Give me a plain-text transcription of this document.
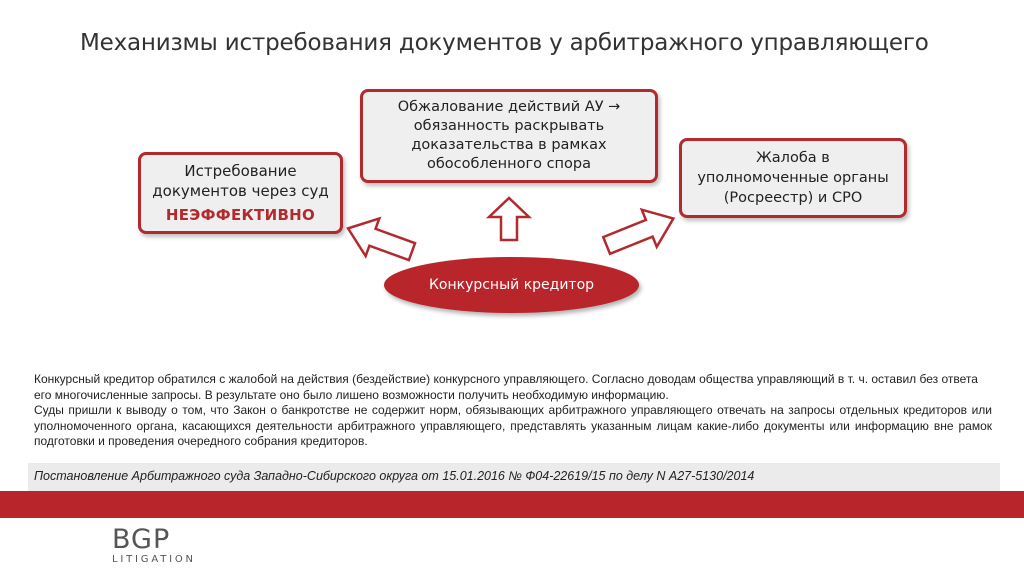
Механизмы истребования документов у арбитражного управляющего
Истребование
документов через суд
НЕЭФФЕКТИВНО
Обжалование действий АУ →
обязанность раскрывать
доказательства в рамках
обособленного спора	Жалоба в
уполномоченные органы
(Росреестр) и СРО
Конкурсный кредитор

Конкурсный кредитор обратился с жалобой на действия (бездействие) конкурсного управляющего. Согласно доводам общества управляющий в т. ч. оставил без ответа его многочисленные запросы. В результате оно было лишено возможности получить необходимую информацию.

Суды пришли к выводу о том, что Закон о банкротстве не содержит норм, обязывающих арбитражного управляющего отвечать на запросы отдельных кредиторов или уполномоченного органа, касающихся деятельности арбитражного управляющего, представлять указанным лицам какие-либо документы или информацию вне рамок подготовки и проведения очередного собрания кредиторов.

Постановление Арбитражного суда Западно-Сибирского округа от 15.01.2016 № Ф04-22619/15 по делу N А27-5130/2014
BGP
LITIGATION
